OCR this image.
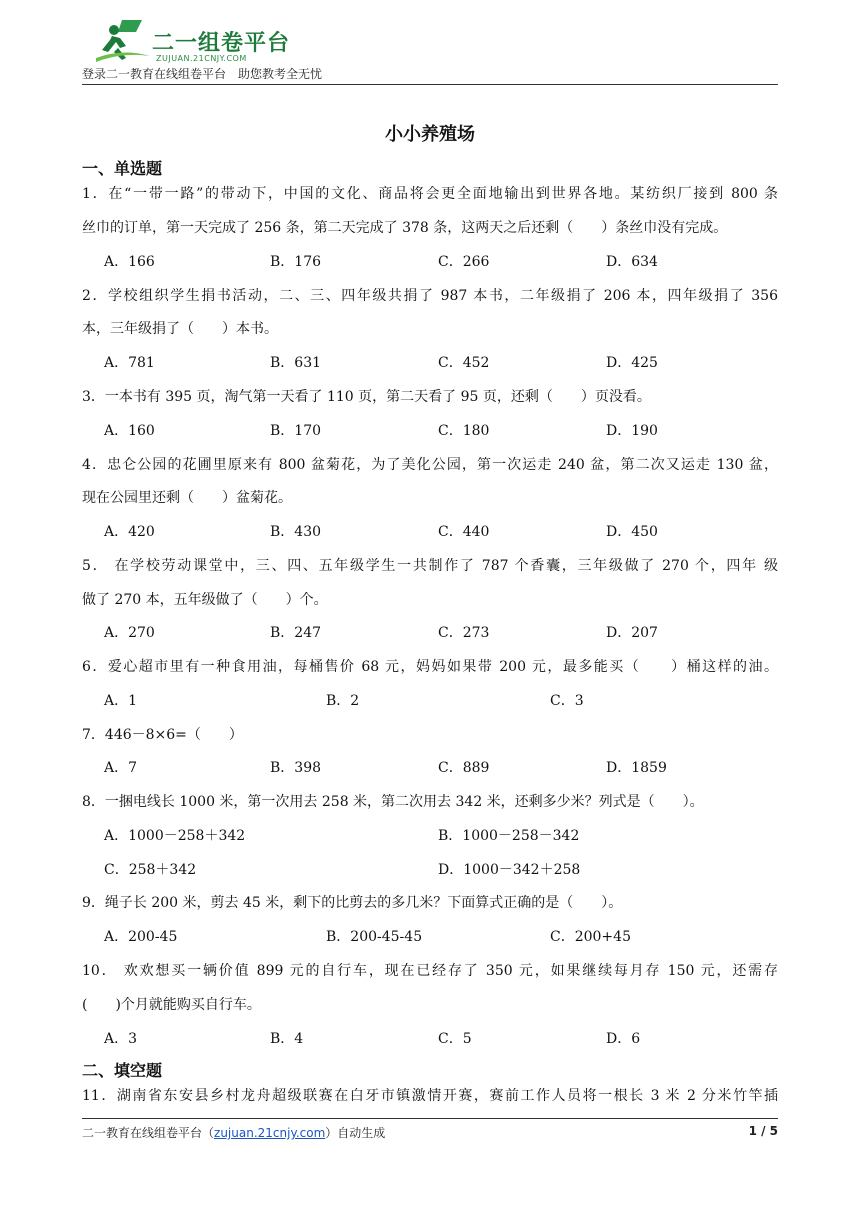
二一组卷平台
ZUJUAN.21CNJY.COM
登录二一教育在线组卷平台　助您教考全无忧
小小养殖场
一、单选题
1．在“一带一路”的带动下，中国的文化、商品将会更全面地输出到世界各地。某纺织厂接到 800 条
丝巾的订单，第一天完成了 256 条，第二天完成了 378 条，这两天之后还剩（　　）条丝巾没有完成。
A．166	B．176	C．266	D．634
2．学校组织学生捐书活动，二、三、四年级共捐了 987 本书，二年级捐了 206 本，四年级捐了 356
本，三年级捐了（　　）本书。
A．781	B．631	C．452	D．425
3．一本书有 395 页，淘气第一天看了 110 页，第二天看了 95 页，还剩（　　）页没看。
A．160	B．170	C．180	D．190
4．忠仑公园的花圃里原来有 800 盆菊花，为了美化公园，第一次运走 240 盆，第二次又运走 130 盆，
现在公园里还剩（　　）盆菊花。
A．420	B．430	C．440	D．450
5． 在学校劳动课堂中，三、四、五年级学生一共制作了 787 个香囊，三年级做了 270 个，四年 级
做了 270 本，五年级做了（　　）个。
A．270	B．247	C．273	D．207
6．爱心超市里有一种食用油，每桶售价 68 元，妈妈如果带 200 元，最多能买（　　）桶这样的油。
A．1	B．2	C．3
7．446－8×6=（　　）
A．7	B．398	C．889	D．1859
8．一捆电线长 1000 米，第一次用去 258 米，第二次用去 342 米，还剩多少米？列式是（　　）。
A．1000－258＋342	B．1000－258－342
C．258＋342	D．1000－342＋258
9．绳子长 200 米，剪去 45 米，剩下的比剪去的多几米？下面算式正确的是（　　）。
A．200-45	B．200-45-45	C．200+45
10． 欢欢想买一辆价值 899 元的自行车，现在已经存了 350 元，如果继续每月存 150 元，还需存
(　　)个月就能购买自行车。
A．3	B．4	C．5	D．6
二、填空题
11．湖南省东安县乡村龙舟超级联赛在白牙市镇激情开赛，赛前工作人员将一根长 3 米 2 分米竹竿插
二一教育在线组卷平台（zujuan.21cnjy.com）自动生成	1 / 5
